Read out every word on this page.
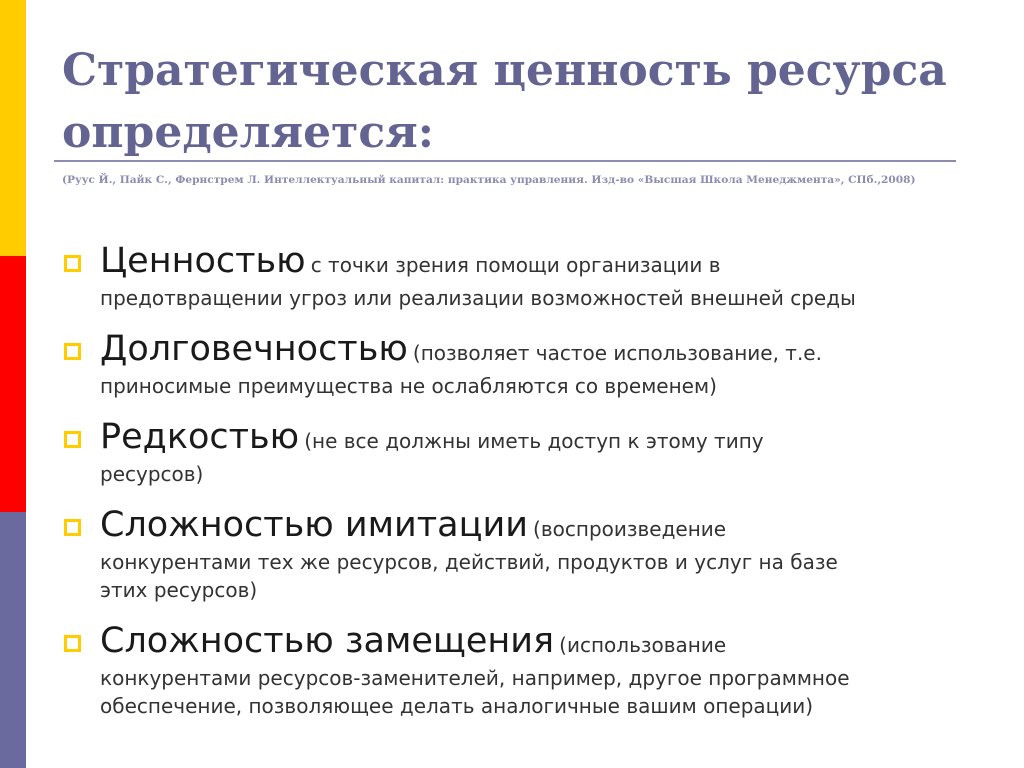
Стратегическая ценность ресурса
определяется:
(Руус Й., Пайк С., Фернстрем Л. Интеллектуальный капитал: практика управления. Изд-во «Высшая Школа Менеджмента», СПб.,2008)
Ценностью с точки зрения помощи организации в
предотвращении угроз или реализации возможностей внешней среды
Долговечностью (позволяет частое использование, т.е.
приносимые преимущества не ослабляются со временем)
Редкостью (не все должны иметь доступ к этому типу
ресурсов)
Сложностью имитации (воспроизведение
конкурентами тех же ресурсов, действий, продуктов и услуг на базе
этих ресурсов)
Сложностью замещения (использование
конкурентами ресурсов-заменителей, например, другое программное
обеспечение, позволяющее делать аналогичные вашим операции)
